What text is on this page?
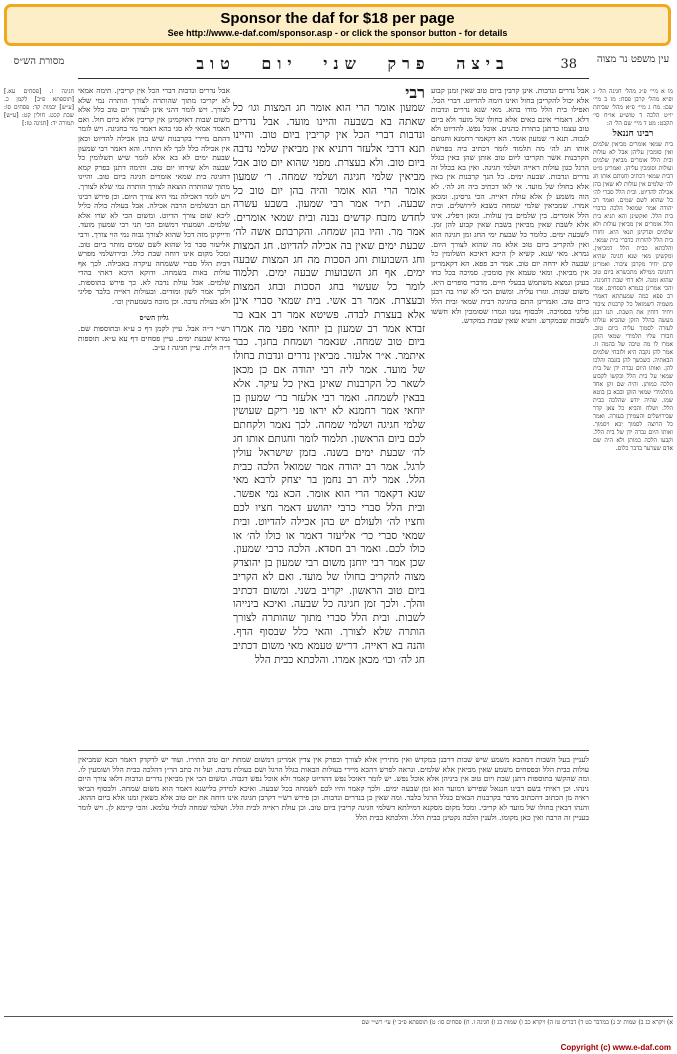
Sponsor the daf for $18 per page
See http://www.e-daf.com/sponsor.asp - or click the sponsor button - for details
עין משפט נר מצוה
38
ביצה פרק שני יום טוב
מסורת הש״ס
מו א מיי׳ פ״ג מהל׳ חגיגה הל׳ ג ופ״א מהל׳ קרבן פסח: מז ב מיי׳ שם: מח ג מיי׳ פ״א מהל׳ שביתת יו״ט הלכה ד טוש״ע או״ח סי׳ תקכט: מט ד מיי׳ שם הל׳ ה:
רבינו חננאל
בית שמאי אומרים מביאין שלמים ואין סומכין עליהן אבל לא עולות ובית הלל אומרים מביאין שלמים ועולות וסומכין עליהן. ואמרינן מ״ט דבית שמאי דכתיב וחגותם אותו חג לה׳ שלמים אין עולות לא שאין בהן אכילה להדיוט. ובית הלל סברי לה׳ כל שהוא לשם שמים. ואמר רב יהודה אמר שמואל הלכה כדברי בית הלל. ואקשינן והא תניא בית הלל אומרים אין מביאין עולות ולא שלמים ופרקינן תנאי היא. וחזרו בית הלל להורות כדברי בית שמאי. והלכתא כבית הלל דמביאין. ומקשינן מאי שנא חגיגה שהיא קרבן יחיד מקרבן ציבור. ואמרינן דחגיגה ממילא מתכשרא ביום טוב שהוא זמנה. ולא דחי שבת דחגיגה. והכי אמרינן בגמרא דפסחים. אמר רב פפא כמה שמעתתא דאמרי משמיה דשמואל כל קרבנות ציבור ויחיד דוחין את השבת. תנו רבנן מעשה בהלל הזקן שהביא עולתו לעזרה לסמוך עליה ביום טוב. חבורו עליו תלמידי שמאי הזקן אמרו לו מה טיבה של בהמה זו. אמר להן נקבה היא ולזבחי שלמים הבאתיה. כשכשך להן בזנבה והלכו להן. ואותו היום גברה ידן של בית שמאי על בית הלל ובקשו לקבוע הלכה כמותן. והיה שם זקן אחד מתלמידי שמאי הזקן ובבא בן בוטא שמו. שהיה יודע שהלכה כבית הלל. ושלח והביא כל צאן קדר שבירושלים והעמידן בעזרה. ואמר כל הרוצה לסמוך יבא ויסמוך. ואותו היום גברה ידן של בית הלל. וקבעו הלכה כמותן ולא היה שם אדם שערער בדבר כלום.
אבל נדרים ונדבות. אינן קרבין ביום טוב שאין זמנן קבוע אלא יכול להקריבן בחול ואינו דומה להדיוט. דברי הכל. ואפילו בית הלל מודו בהא. מאי שנא נדרים ונדבות דלא. דאמרי אינם באים אלא בחולו של מועד ולא ביום טוב עצמו כדתנן בתורת כהנים. אוכל נפש. להדיוט ולא לגבוה. תנא ר׳ שמעון אומר. הא דקאמר רחמנא וחגותם אותו חג לה׳ מה תלמוד לומר דכתיב ביה בפרשת הקרבנות אשר תקריבו ליום טוב אותן שהן באין בגלל הרגל כגון עולות ראייה ושלמי חגיגה. ואין בא בכלל זה נדרים ונדבות. שבעה ימים. כל הנך קרבנות אין באין אלא בחולו של מועד. אי לאו דכתיב ביה חג לה׳. לא הוה משמע לן אלא עולת ראייה. הכי גרסינן. ומכאן אמרו. שמביאין שלמי שמחה כשבא לירושלים. ובית הלל אומרים. בין שלמים בין עולות. ומאן דפליג. אינו אלא לשבת שאין מביאין בשבת שאין קבוע להן זמן. לשבעה ימים. כלומר כל שבעת ימי החג זמן חגיגה הוא ואין להקריב ביום טוב אלא מה שהוא לצורך היום. גמרא. מאי שנא. קשיא לן היכא דאיכא תשלומין כל שבעה לא ידחה יום טוב. אמר רב פפא. הא דקאמרינן אין מביאין. ומאי טעמא אין סומכין. סמיכה בכל כחו בעינן ונמצא משתמש בבעלי חיים. מדברי סופרים היא. משום שבות. וגזרו עליה. ומשום הכי לא שרו בה רבנן ביום טוב. ואמרינן התם בחגיגה דבית שמאי ובית הלל פליגי בסמיכה. ולבסוף נמנו וגמרו שסומכין ולא חששו לשבות שבמקדש. ותניא שאין שבות במקדש.
רבי
שמעון אומר הרי הוא אומר חג המצות וגו׳ כל שאתה בא בשבעה והיינו מועד. אבל נדרים ונדבות דברי הכל אין קריבין ביום טוב. והיינו תנא דרבי אלעזר דתניא אין מביאין שלמי נדבה ביום טוב. ולא בעצרת. מפני שהוא יום טוב אבל מביאין שלמי חגיגה ושלמי שמחה. ר׳ שמעון אומר הרי הוא אומר והיה בהן יום טוב כל שבעה. ת״ר אמר רבי שמעון. בשבע עשרה לחדש מזבח קדשים נבנה ובית שמאי אומרים. אמר מר. והיו בהן שמחה. והקרבתם אשה לה׳ שבעת ימים שאין בה אכילה להדיוט. חג המצות וחג השבועות וחג הסכות מה חג המצות שבעה ימים. אף חג השבועות שבעה ימים. תלמוד לומר כל שעשוי בחג הסכות ובחג המצות ובעצרת. אמר רב אשי. בית שמאי סברי אינן אלא בעצרת לבדה. פשיטא אמר רב אבא בר זבדא אמר רב שמעון בן יוחאי מפני מה אמרו ביום טוב שמחה. שנאמר ושמחת בחגך. כבר איתמר. א״ר אלעזר. מביאין נדרים ונדבות בחולו של מועד. אמר ליה רבי יהודה אם כן מכאן לשאר כל הקרבנות שאינן באין כל עיקר. אלא בבאין לשמחה. ואמר רבי אלעזר בר׳ שמעון בן יוחאי אמר רחמנא לא יראו פני ריקם שעושין שלמי חגיגה ושלמי שמחה. לכך נאמר ולקחתם לכם ביום הראשון. תלמוד לומר וחגותם אותו חג לה׳ שבעת ימים בשנה. בזמן שישראל עולין לרגל. אמר רב יהודה אמר שמואל הלכה כבית הלל. אמר ליה רב נחמן בר יצחק לרבא מאי שנא דקאמר הרי הוא אומר. הכא נמי אפשר. ובית הלל סברי כרבי יהושע דאמר חציו לכם וחציו לה׳ ולעולם יש בהן אכילה להדיוט. ובית שמאי סברי כר׳ אליעזר דאמר או כולו לה׳ או כולו לכם. ואמר רב חסדא. הלכה כרבי שמעון. שכן אמר רבי יוחנן משום רבי שמעון בן יהוצדק מצוה להקריב בחולו של מועד. ואם לא הקריב ביום טוב הראשון. יקריב בשני. ומשום דכתיב והלך. ולכך זמן חגיגה כל שבעה. ואיכא בינייהו לשבות. ובית הלל סברי מתוך שהותרה לצורך הותרה שלא לצורך. והאי כלל שבסוף הדף. והנה בא ראייה. דר״ש טעמא מאי משום דכתיב חג לה׳ וכו׳ מכאן אמרו. והלכתא כבית הלל
אבל נדרים ונדבות דברי הכל אין קריבין. תימה אמאי לא יקריבו מתוך שהותרה לצורך הותרה נמי שלא לצורך. ויש לומר דהני אינן לצורך יום טוב כלל אלא משום שבות דאוקמינן אין קריבין אלא ביום חול. ואם תאמר אמאי לא סגי בהא דאמר מר בחגיגה. ויש לומר דהתם מיירי בקרבנות שיש בהן אכילה להדיוט וכאן אין אכילה כלל לכך לא הותרו. והא דאמר רבי שמעון שבעת ימים לא בא אלא לומר שיש תשלומין כל שבעה ולא שידחו יום טוב. ותימה דתנן בפרק קמא דחגיגה בית שמאי אומרים חגיגה ביום טוב. והיינו מתוך שהותרה הוצאה לצורך הותרה נמי שלא לצורך. ויש לומר דאכילה נמי היא צורך היום. וכן פירש רבינו תם דבשלמים הרבה אכילה. אבל בעולה כולה כליל ליכא שום צורך הדיוט. ומשום הכי לא שרו אלא שלמים. ושמעתי דמשום הכי תני רבי שמעון מועד. ודייקינן מזה דכל שהוא לצורך גבוה נמי הוי צורך. ורבי אליעזר סבר כל שהוא לשם שמים מותר ביום טוב. ומכל מקום אינו דוחה שבת כלל. ובירושלמי מפרש דבית הלל סברי ששמחה עיקרה באכילה. לכך אף עולות באות בשמחה. ודוקא היכא דאתי בהדי שלמים. אבל עולת נדבה לא. כך פירש בתוספות. ולכך אמר לשון ומודים. ובעולות ראייה בלבד פליגי ולא בעולת נדבה. וכן מוכח בשמעתין וכו׳.
גליון הש״ס
רש״י ד״ה אבל. עיין לקמן דף כ ע״א ובתוספות שם. גמרא שבעת ימים. עיין פסחים דף עא ע״א. תוספות ד״ה ולית. עיין חגיגה ז ע״ב.
חגיגה ז. [פסחים עא.] [תוספתא פ״ב] לקמן כ. [ע״ש] יבמות קד: פסחים סו: שבת קכט. חולין קט: [ע״ש] תמורה יד: [חגיגה טז:]
לעניין בעל השבות דמהכא משמע שיש שבות דרבנן במקדש ואין מתירין אלא לצורך ובפרק אין צדין אמרינן דמשום שמחת יום טוב התירו. ועוד יש לדקדק דאמר הכא שמביאין עולות כבית הלל ובפסחים משמע שאין מביאין אלא שלמים. ונראה לפרש דהכא מיירי בעולות הבאות בגלל הרגל ושם בעולת נדבה. ועל זה כתב הר״ן דהלכה כבית הלל ושומעין לו. ומה שהקשו בתוספות דתנן שבת ויום טוב אין ביניהן אלא אוכל נפש. יש לומר דאוכל נפש דהדיוט קאמר ולא אוכל נפש דגבוה. ומשום הכי אין מביאין נדרים ונדבות דלאו צורך היום נינהו. וכן ראיתי בשם רבינו חננאל שפירש דמועד הוא זמן שבעה ימים. ולכך קאמר והיו לכם לשמחה בכל שבעה. ואיכא למידק בלישנא דאמר הוא משום שמחה. ולבסוף הביאו ראיה מן הכתוב דהכתוב מדבר בקרבנות הבאים בגלל הרגל בלבד. ומה שאין כן בנדרים ונדבות. וכן פירש רש״י דקרבן חגיגה אינו דוחה את יום טוב אלא כשאין זמנו אלא ביום ההוא. והנהו דבאין בחולו של מועד לא קריבי. ומכל מקום מסקנא דמילתא דשלמי חגיגה קריבין ביום טוב. וכן עולת ראייה לבית הלל. ושלמי שמחה לכולי עלמא. והכי קיימא לן. ויש לומר בעניין זה הרבה ואין כאן מקומו. ולענין הלכה נקטינן כבית הלל. והלכתא כבית הלל
א) ויקרא כג ב) שמות יב ג) במדבר כט ד) דברים טז ה) ויקרא כב ו) שמות כג ז) חגיגה ז. ח) פסחים סו: ט) תוספתא פ״ב י) עי׳ רש״י שם
Copyright (c) www.e-daf.com
